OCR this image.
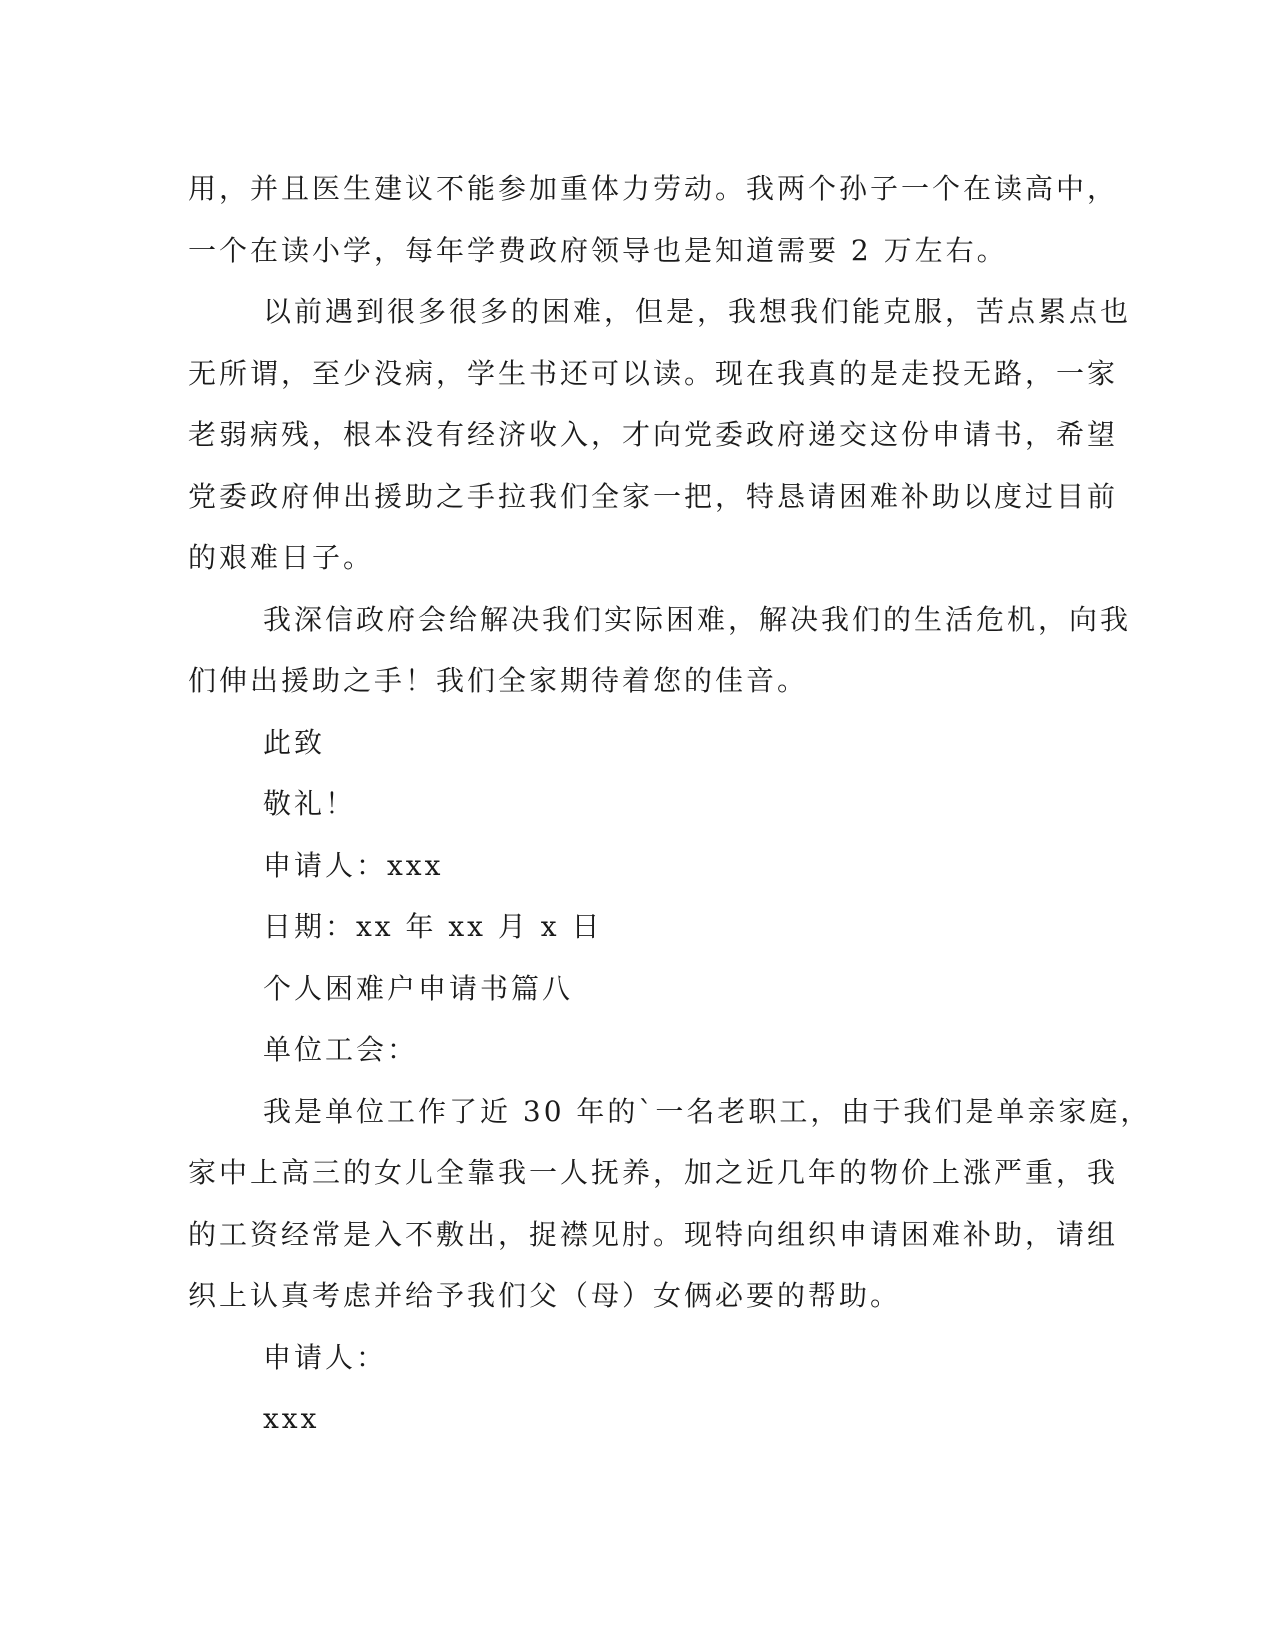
用，并且医生建议不能参加重体力劳动。我两个孙子一个在读高中，
一个在读小学，每年学费政府领导也是知道需要 2 万左右。
以前遇到很多很多的困难，但是，我想我们能克服，苦点累点也
无所谓，至少没病，学生书还可以读。现在我真的是走投无路，一家
老弱病残，根本没有经济收入，才向党委政府递交这份申请书，希望
党委政府伸出援助之手拉我们全家一把，特恳请困难补助以度过目前
的艰难日子。
我深信政府会给解决我们实际困难，解决我们的生活危机，向我
们伸出援助之手！我们全家期待着您的佳音。
此致
敬礼！
申请人：xxx
日期：xx 年 xx 月 x 日
个人困难户申请书篇八
单位工会：
我是单位工作了近 30 年的`一名老职工，由于我们是单亲家庭，
家中上高三的女儿全靠我一人抚养，加之近几年的物价上涨严重，我
的工资经常是入不敷出，捉襟见肘。现特向组织申请困难补助，请组
织上认真考虑并给予我们父（母）女俩必要的帮助。
申请人：
xxx
